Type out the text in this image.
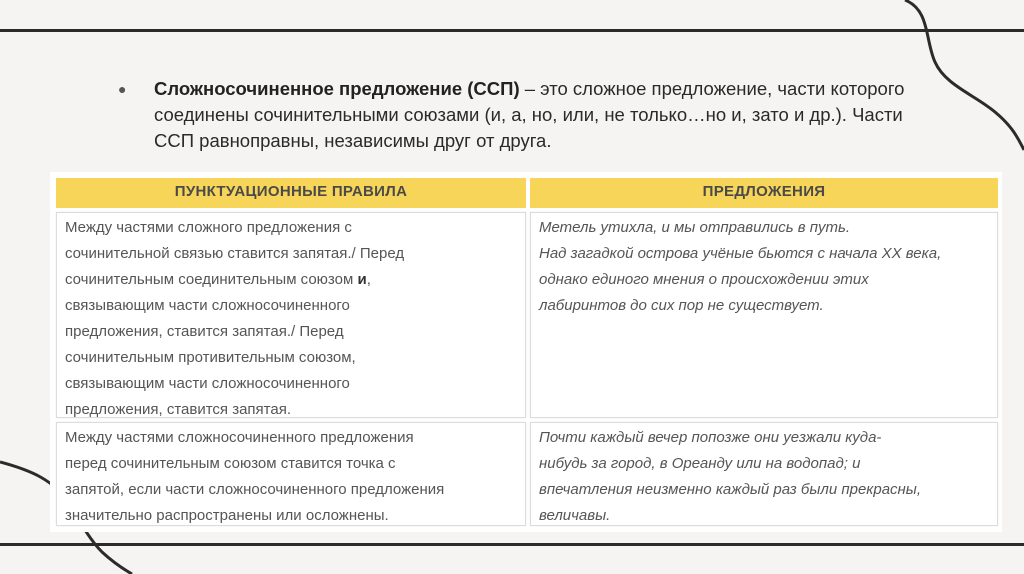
●	Сложносочиненное предложение (ССП) – это сложное предложение, части которого соединены сочинительными союзами (и, а, но, или, не только…но и, зато и др.). Части ССП равноправны, независимы друг от друга.
ПУНКТУАЦИОННЫЕ ПРАВИЛА	ПРЕДЛОЖЕНИЯ
Между частями сложного предложения с
сочинительной связью ставится запятая./ Перед
сочинительным соединительным союзом и,
связывающим части сложносочиненного
предложения, ставится запятая./ Перед
сочинительным противительным союзом,
связывающим части сложносочиненного
предложения, ставится запятая.
Метель утихла, и мы отправились в путь.
Над загадкой острова учёные бьются с начала XX века,
однако единого мнения о происхождении этих
лабиринтов до сих пор не существует.
Между частями сложносочиненного предложения
перед сочинительным союзом ставится точка с
запятой, если части сложносочиненного предложения
значительно распространены или осложнены.
Почти каждый вечер попозже они уезжали куда-
нибудь за город, в Ореанду или на водопад; и
впечатления неизменно каждый раз были прекрасны,
величавы.
